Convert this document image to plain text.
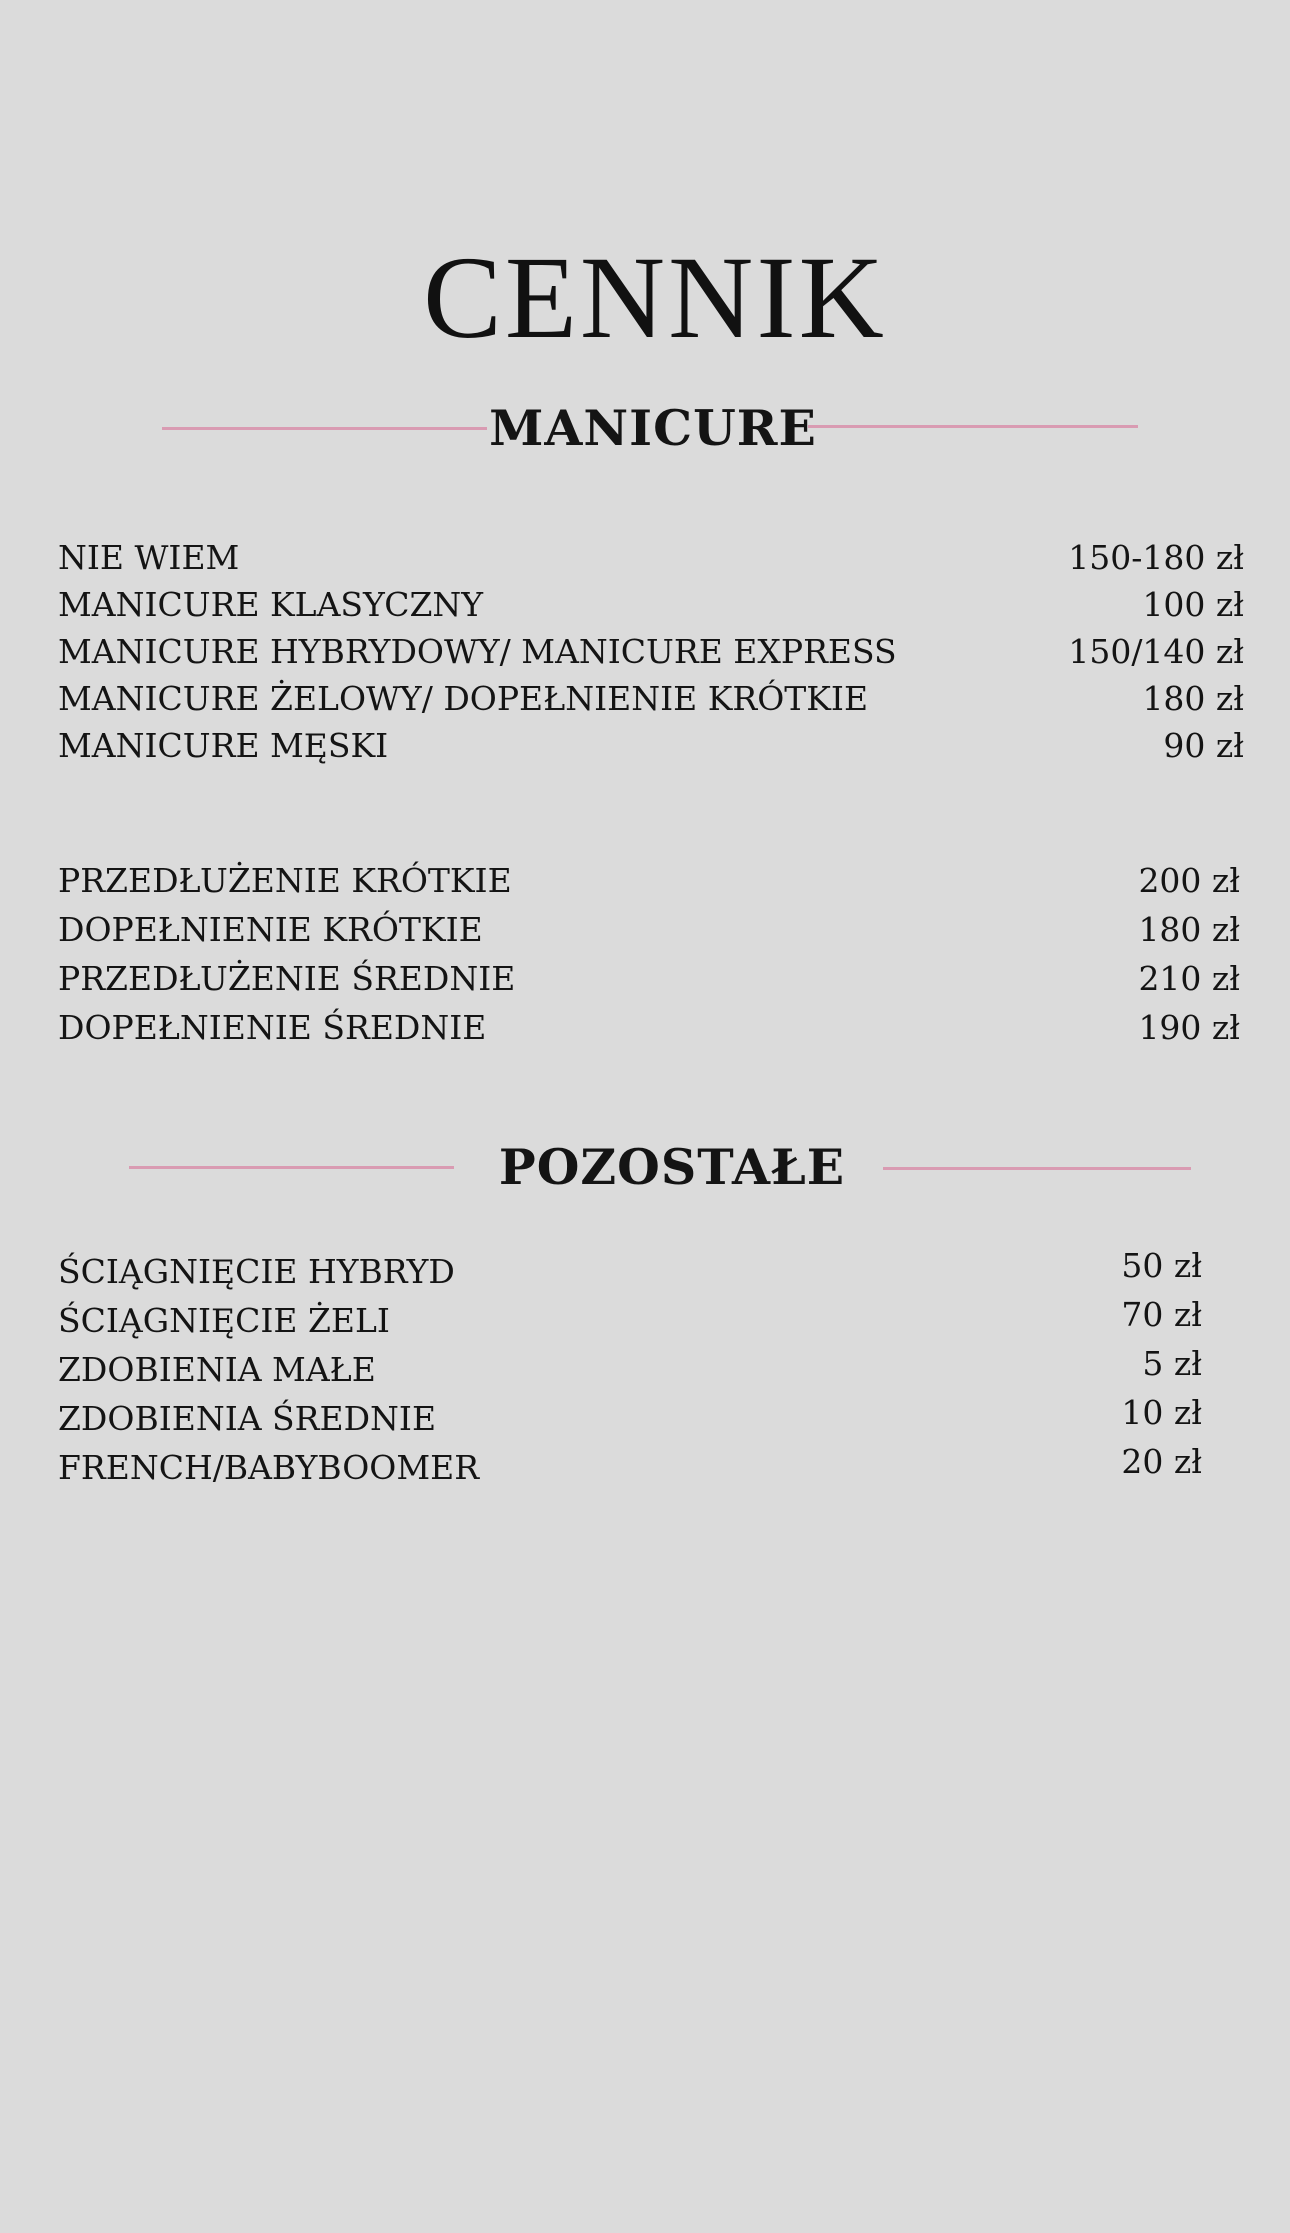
CENNIK
MANICURE
NIE WIEM	150-180 zł
MANICURE KLASYCZNY	100 zł
MANICURE HYBRYDOWY/ MANICURE EXPRESS	150/140 zł
MANICURE ŻELOWY/ DOPEŁNIENIE KRÓTKIE	180 zł
MANICURE MĘSKI	90 zł
PRZEDŁUŻENIE KRÓTKIE	200 zł
DOPEŁNIENIE KRÓTKIE	180 zł
PRZEDŁUŻENIE ŚREDNIE	210 zł
DOPEŁNIENIE ŚREDNIE	190 zł
POZOSTAŁE
ŚCIĄGNIĘCIE HYBRYD	50 zł
ŚCIĄGNIĘCIE ŻELI	70 zł
ZDOBIENIA MAŁE	5 zł
ZDOBIENIA ŚREDNIE	10 zł
FRENCH/BABYBOOMER	20 zł
